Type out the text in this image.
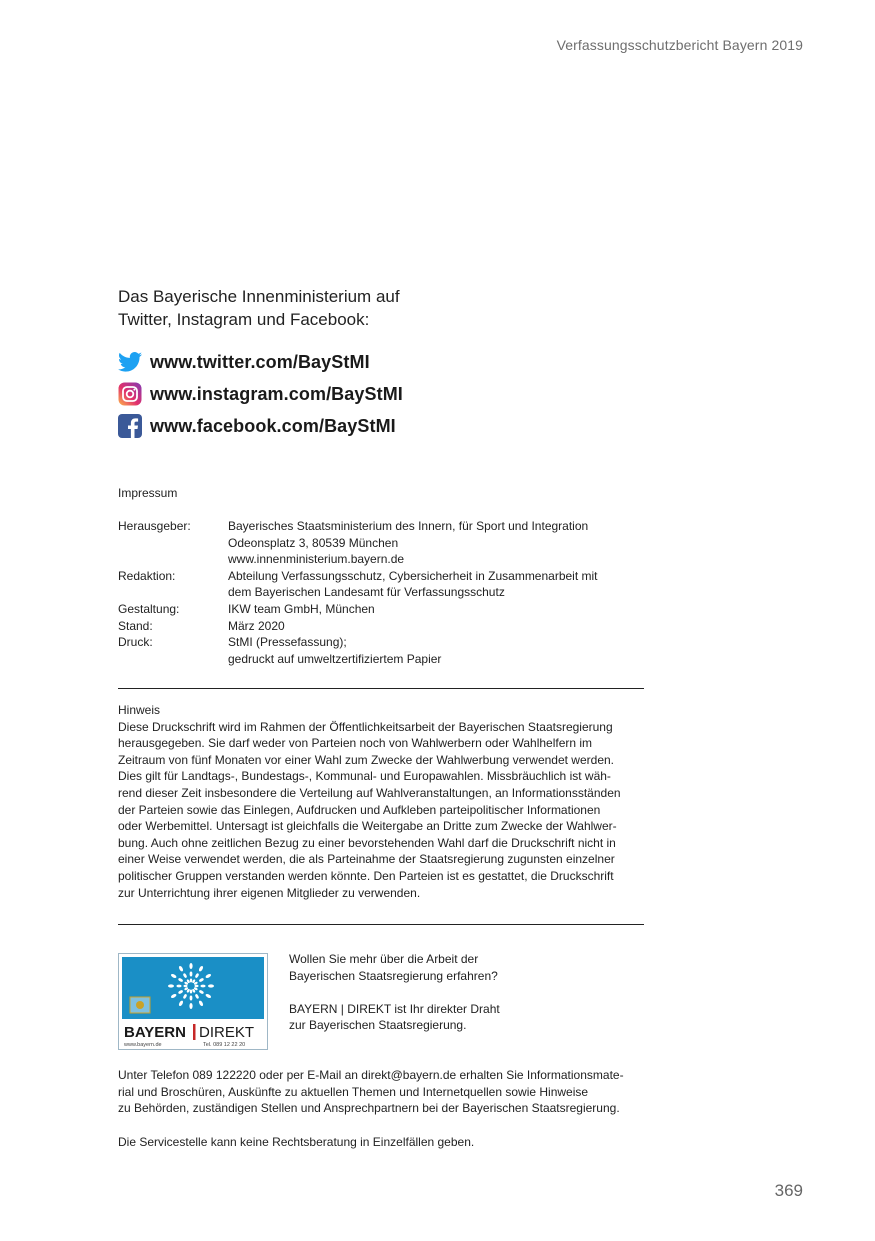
Verfassungsschutzbericht Bayern 2019
Das Bayerische Innenministerium auf
Twitter, Instagram und Facebook:
www.twitter.com/BayStMI
www.instagram.com/BayStMI
www.facebook.com/BayStMI
Impressum
Herausgeber:	Bayerisches Staatsministerium des Innern, für Sport und Integration
Odeonsplatz 3, 80539 München
www.innenministerium.bayern.de

Redaktion:	Abteilung Verfassungsschutz, Cybersicherheit in Zusammenarbeit mit
dem Bayerischen Landesamt für Verfassungsschutz

Gestaltung:	IKW team GmbH, München

Stand:	März 2020

Druck:	StMI (Pressefassung);
gedruckt auf umweltzertifiziertem Papier
Hinweis
Diese Druckschrift wird im Rahmen der Öffentlichkeitsarbeit der Bayerischen Staatsregierung
herausgegeben. Sie darf weder von Parteien noch von Wahlwerbern oder Wahlhelfern im
Zeitraum von fünf Monaten vor einer Wahl zum Zwecke der Wahlwerbung verwendet werden.
Dies gilt für Landtags-, Bundestags-, Kommunal- und Europawahlen. Missbräuchlich ist wäh-
rend dieser Zeit insbesondere die Verteilung auf Wahlveranstaltungen, an Informationsständen
der Parteien sowie das Einlegen, Aufdrucken und Aufkleben parteipolitischer Informationen
oder Werbemittel. Untersagt ist gleichfalls die Weitergabe an Dritte zum Zwecke der Wahlwer-
bung. Auch ohne zeitlichen Bezug zu einer bevorstehenden Wahl darf die Druckschrift nicht in
einer Weise verwendet werden, die als Parteinahme der Staatsregierung zugunsten einzelner
politischer Gruppen verstanden werden könnte. Den Parteien ist es gestattet, die Druckschrift
zur Unterrichtung ihrer eigenen Mitglieder zu verwenden.
BAYERN DIREKT
www.bayern.de	Tel. 089 12 22 20

Wollen Sie mehr über die Arbeit der

Bayerischen Staatsregierung erfahren?

BAYERN | DIREKT ist Ihr direkter Draht

zur Bayerischen Staatsregierung.

Unter Telefon 089 122220 oder per E-Mail an direkt@bayern.de erhalten Sie Informationsmate-
rial und Broschüren, Auskünfte zu aktuellen Themen und Internetquellen sowie Hinweise
zu Behörden, zuständigen Stellen und Ansprechpartnern bei der Bayerischen Staatsregierung.
Die Servicestelle kann keine Rechtsberatung in Einzelfällen geben.
369
